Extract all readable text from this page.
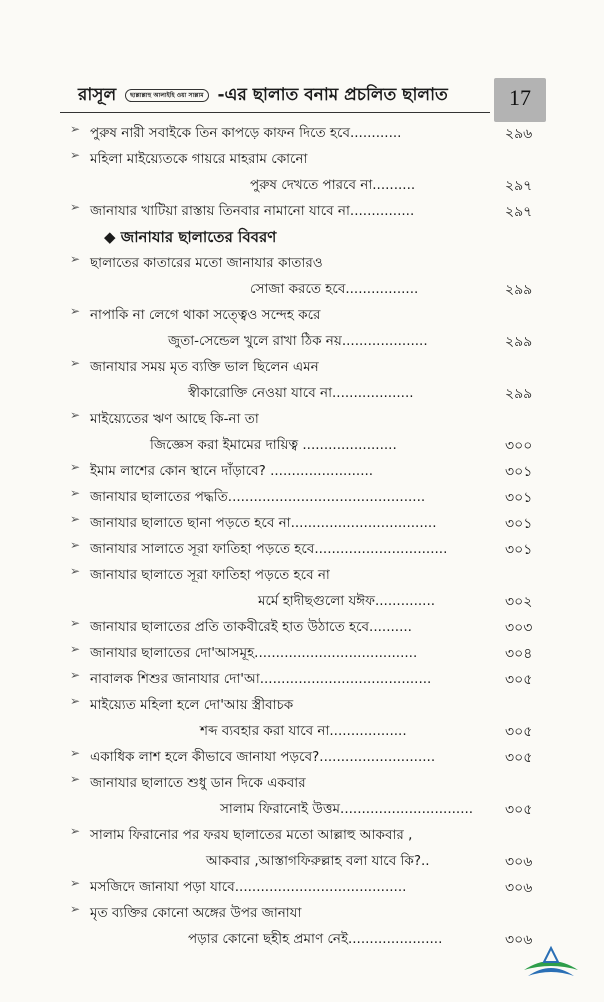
রাসূল ছাল্লাল্লাহু আলাইহি ওয়া সাল্লাম -এর ছালাত বনাম প্রচলিত ছালাত	17
➢ পুরুষ নারী সবাইকে তিন কাপড়ে কাফন দিতে হবে............	২৯৬
➢ মহিলা মাইয়্যেতকে গায়রে মাহরাম কোনো
পুরুষ দেখতে পারবে না..........	২৯৭
➢ জানাযার খাটিয়া রাস্তায় তিনবার নামানো যাবে না...............	২৯৭
◆ জানাযার ছালাতের বিবরণ
➢ ছালাতের কাতারের মতো জানাযার কাতারও
সোজা করতে হবে.................	২৯৯
➢ নাপাকি না লেগে থাকা সত্ত্বেও সন্দেহ করে
জুতা-সেন্ডেল খুলে রাখা ঠিক নয়....................	২৯৯
➢ জানাযার সময় মৃত ব্যক্তি ভাল ছিলেন এমন
স্বীকারোক্তি নেওয়া যাবে না...................	২৯৯
➢ মাইয়্যেতের ঋণ আছে কি-না তা
জিজ্ঞেস করা ইমামের দায়িত্ব ......................	৩০০
➢ ইমাম লাশের কোন স্থানে দাঁড়াবে? ........................	৩০১
➢ জানাযার ছালাতের পদ্ধতি..............................................	৩০১
➢ জানাযার ছালাতে ছানা পড়তে হবে না..................................	৩০১
➢ জানাযার সালাতে সূরা ফাতিহা পড়তে হবে...............................	৩০১
➢ জানাযার ছালাতে সূরা ফাতিহা পড়তে হবে না
মর্মে হাদীছগুলো যঈফ..............	৩০২
➢ জানাযার ছালাতের প্রতি তাকবীরেই হাত উঠাতে হবে..........	৩০৩
➢ জানাযার ছালাতের দো'আসমূহ......................................	৩০৪
➢ নাবালক শিশুর জানাযার দো'আ........................................	৩০৫
➢ মাইয়্যেত মহিলা হলে দো'আয় স্ত্রীবাচক
শব্দ ব্যবহার করা যাবে না..................	৩০৫
➢ একাধিক লাশ হলে কীভাবে জানাযা পড়বে?...........................	৩০৫
➢ জানাযার ছালাতে শুধু ডান দিকে একবার
সালাম ফিরানোই উত্তম............................... ৩০৫
➢ সালাম ফিরানোর পর ফরয ছালাতের মতো আল্লাহু আকবার ,
আকবার ,আস্তাগফিরুল্লাহ বলা যাবে কি?..	৩০৬
➢ মসজিদে জানাযা পড়া যাবে........................................	৩০৬
➢ মৃত ব্যক্তির কোনো অঙ্গের উপর জানাযা
পড়ার কোনো ছহীহ প্রমাণ নেই......................	৩০৬
